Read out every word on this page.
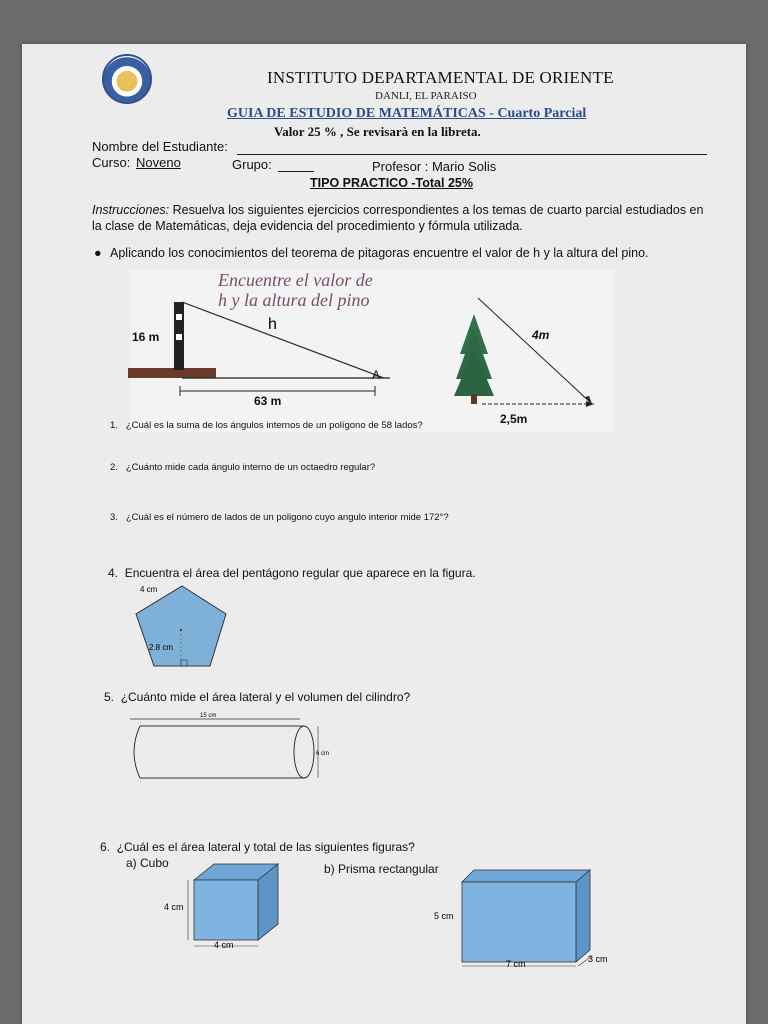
INSTITUTO DEPARTAMENTAL DE ORIENTE
DANLI, EL PARAISO
GUIA DE ESTUDIO DE MATEMÁTICAS - Cuarto Parcial
Valor 25 % , Se revisarà en la libreta.
Nombre del Estudiante:
Curso: Noveno	Grupo:	Profesor : Mario Solis
TIPO PRACTICO -Total 25%
Instrucciones: Resuelva los siguientes ejercicios correspondientes a los temas de cuarto parcial estudiados en la clase de Matemáticas, deja evidencia del procedimiento y fórmula utilizada.
● Aplicando los conocimientos del teorema de pitagoras encuentre el valor de h y la altura del pino.
Encuentre el valor de
h y la altura del pino
16 m
h
A
63 m
4m
2,5m
1. ¿Cuál es la suma de los ángulos internos de un polígono de 58 lados?
2. ¿Cuánto mide cada ángulo interno de un octaedro regular?
3. ¿Cuál es el número de lados de un poligono cuyo angulo interior mide 172°?
4. Encuentra el área del pentágono regular que aparece en la figura.
4 cm
2.8 cm
5. ¿Cuánto mide el área lateral y el volumen del cilindro?
15 cm
6 cm
6. ¿Cuál es el área lateral y total de las siguientes figuras?
a) Cubo	b) Prisma rectangular
4 cm
4 cm
5 cm
7 cm	3 cm
